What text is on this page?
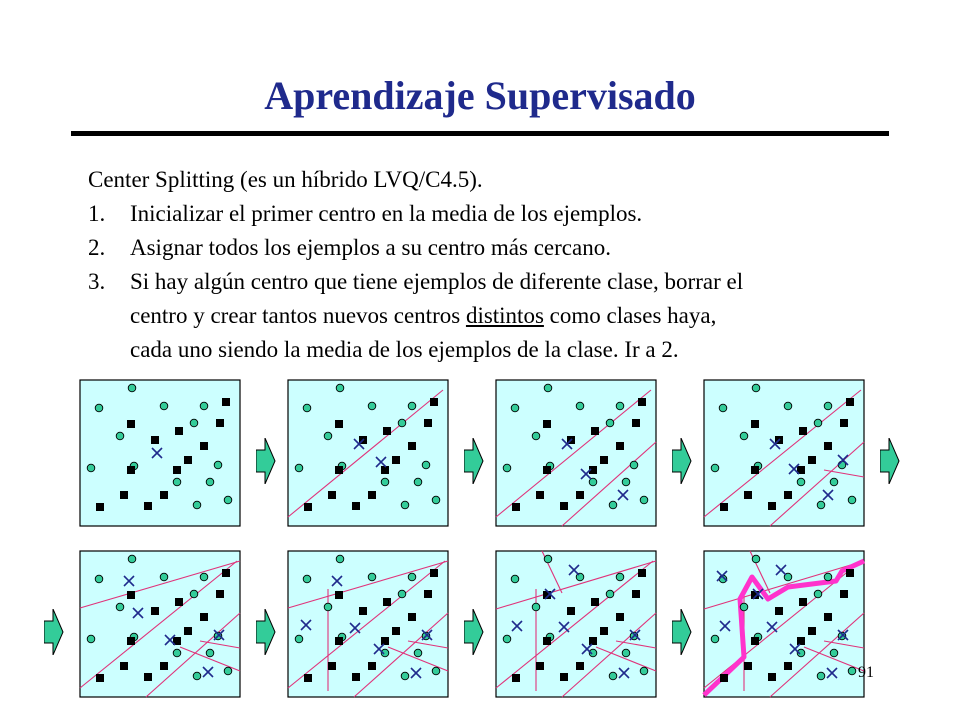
Aprendizaje Supervisado
Center Splitting (es un híbrido LVQ/C4.5).
1. Inicializar el primer centro en la media de los ejemplos.
2. Asignar todos los ejemplos a su centro más cercano.
3. Si hay algún centro que tiene ejemplos de diferente clase, borrar el
centro y crear tantos nuevos centros distintos como clases haya,
cada uno siendo la media de los ejemplos de la clase. Ir a 2.
91
